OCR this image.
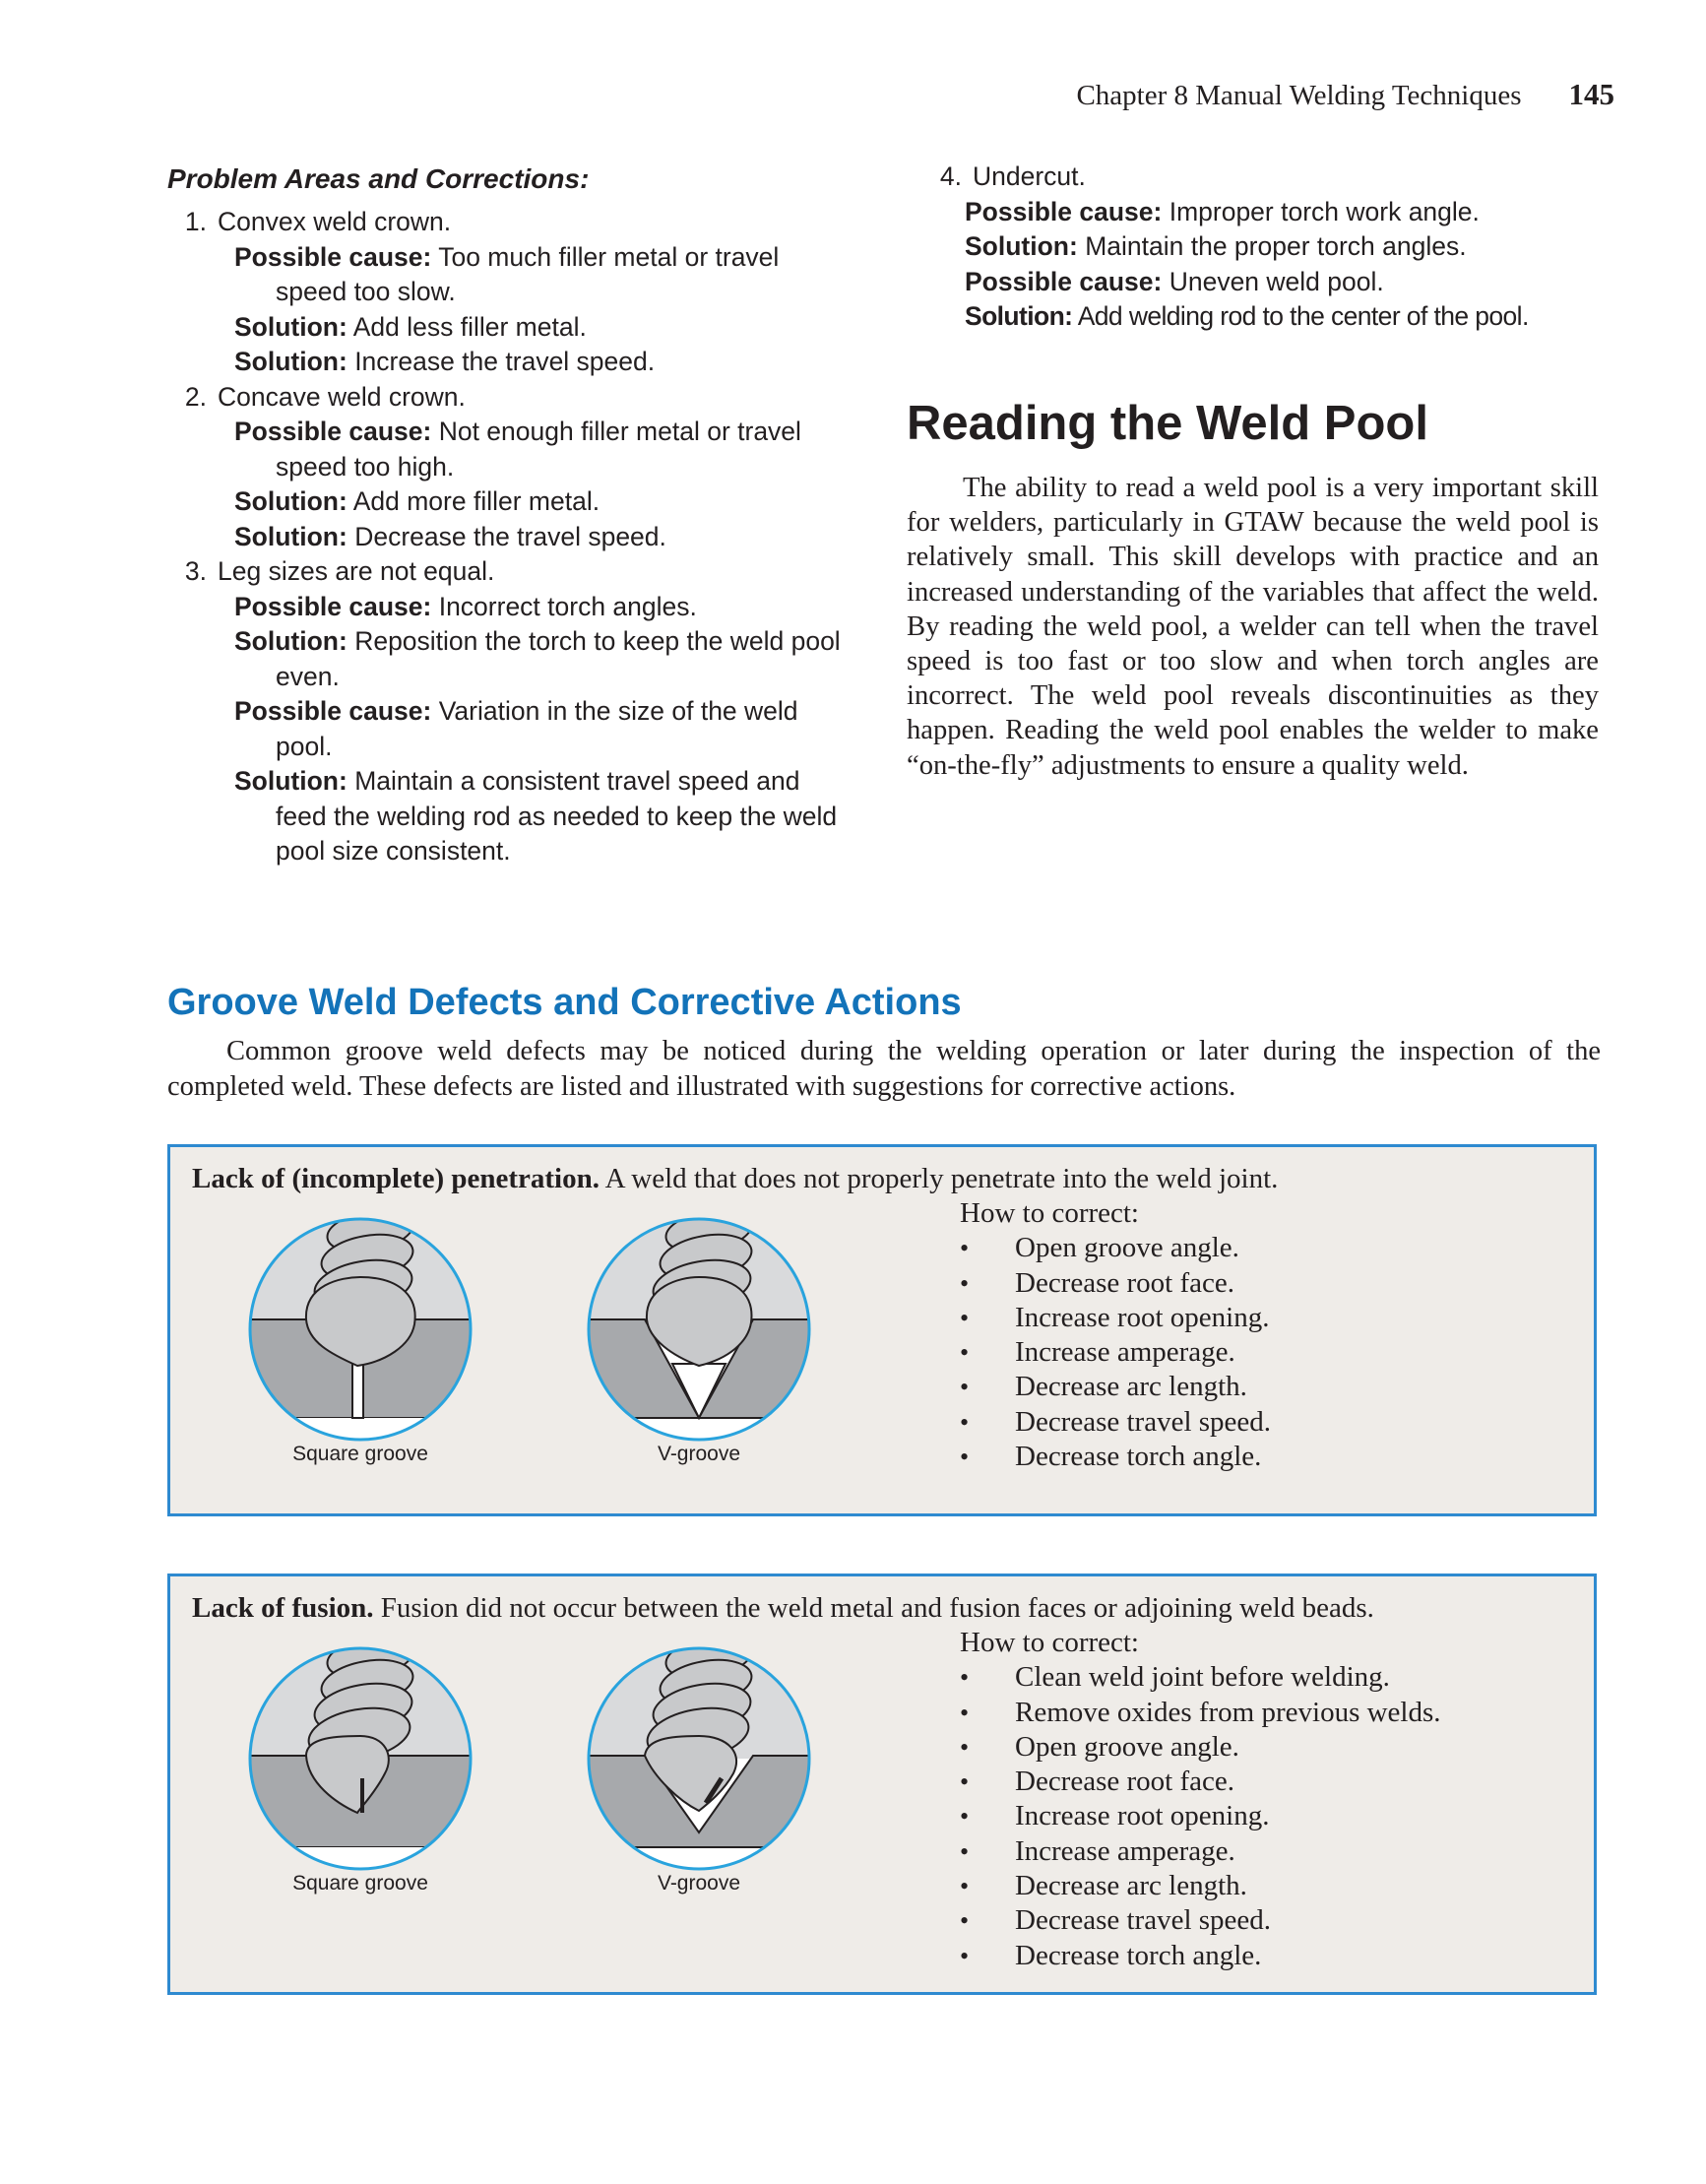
Chapter 8 Manual Welding Techniques 145
Problem Areas and Corrections:
1. Convex weld crown.
Possible cause: Too much filler metal or travel speed too slow.
Solution: Add less filler metal.
Solution: Increase the travel speed.
2. Concave weld crown.
Possible cause: Not enough filler metal or travel speed too high.
Solution: Add more filler metal.
Solution: Decrease the travel speed.
3. Leg sizes are not equal.
Possible cause: Incorrect torch angles.
Solution: Reposition the torch to keep the weld pool even.
Possible cause: Variation in the size of the weld pool.
Solution: Maintain a consistent travel speed and feed the welding rod as needed to keep the weld pool size consistent.
4. Undercut.
Possible cause: Improper torch work angle.
Solution: Maintain the proper torch angles.
Possible cause: Uneven weld pool.
Solution: Add welding rod to the center of the pool.
Reading the Weld Pool

The ability to read a weld pool is a very important skill for welders, particularly in GTAW because the weld pool is relatively small. This skill develops with practice and an increased understanding of the variables that affect the weld. By reading the weld pool, a welder can tell when the travel speed is too fast or too slow and when torch angles are incorrect. The weld pool reveals discontinuities as they happen. Reading the weld pool enables the welder to make “on-the-fly” adjustments to ensure a quality weld.

Groove Weld Defects and Corrective Actions

Common groove weld defects may be noticed during the welding operation or later during the inspection of the completed weld. These defects are listed and illustrated with suggestions for corrective actions.

Lack of (incomplete) penetration. A weld that does not properly penetrate into the weld joint.
Square groove	V-groove
How to correct:
• Open groove angle.
• Decrease root face.
• Increase root opening.
• Increase amperage.
• Decrease arc length.
• Decrease travel speed.
• Decrease torch angle.
Lack of fusion. Fusion did not occur between the weld metal and fusion faces or adjoining weld beads.
Square groove	V-groove
How to correct:
• Clean weld joint before welding.
• Remove oxides from previous welds.
• Open groove angle.
• Decrease root face.
• Increase root opening.
• Increase amperage.
• Decrease arc length.
• Decrease travel speed.
• Decrease torch angle.
